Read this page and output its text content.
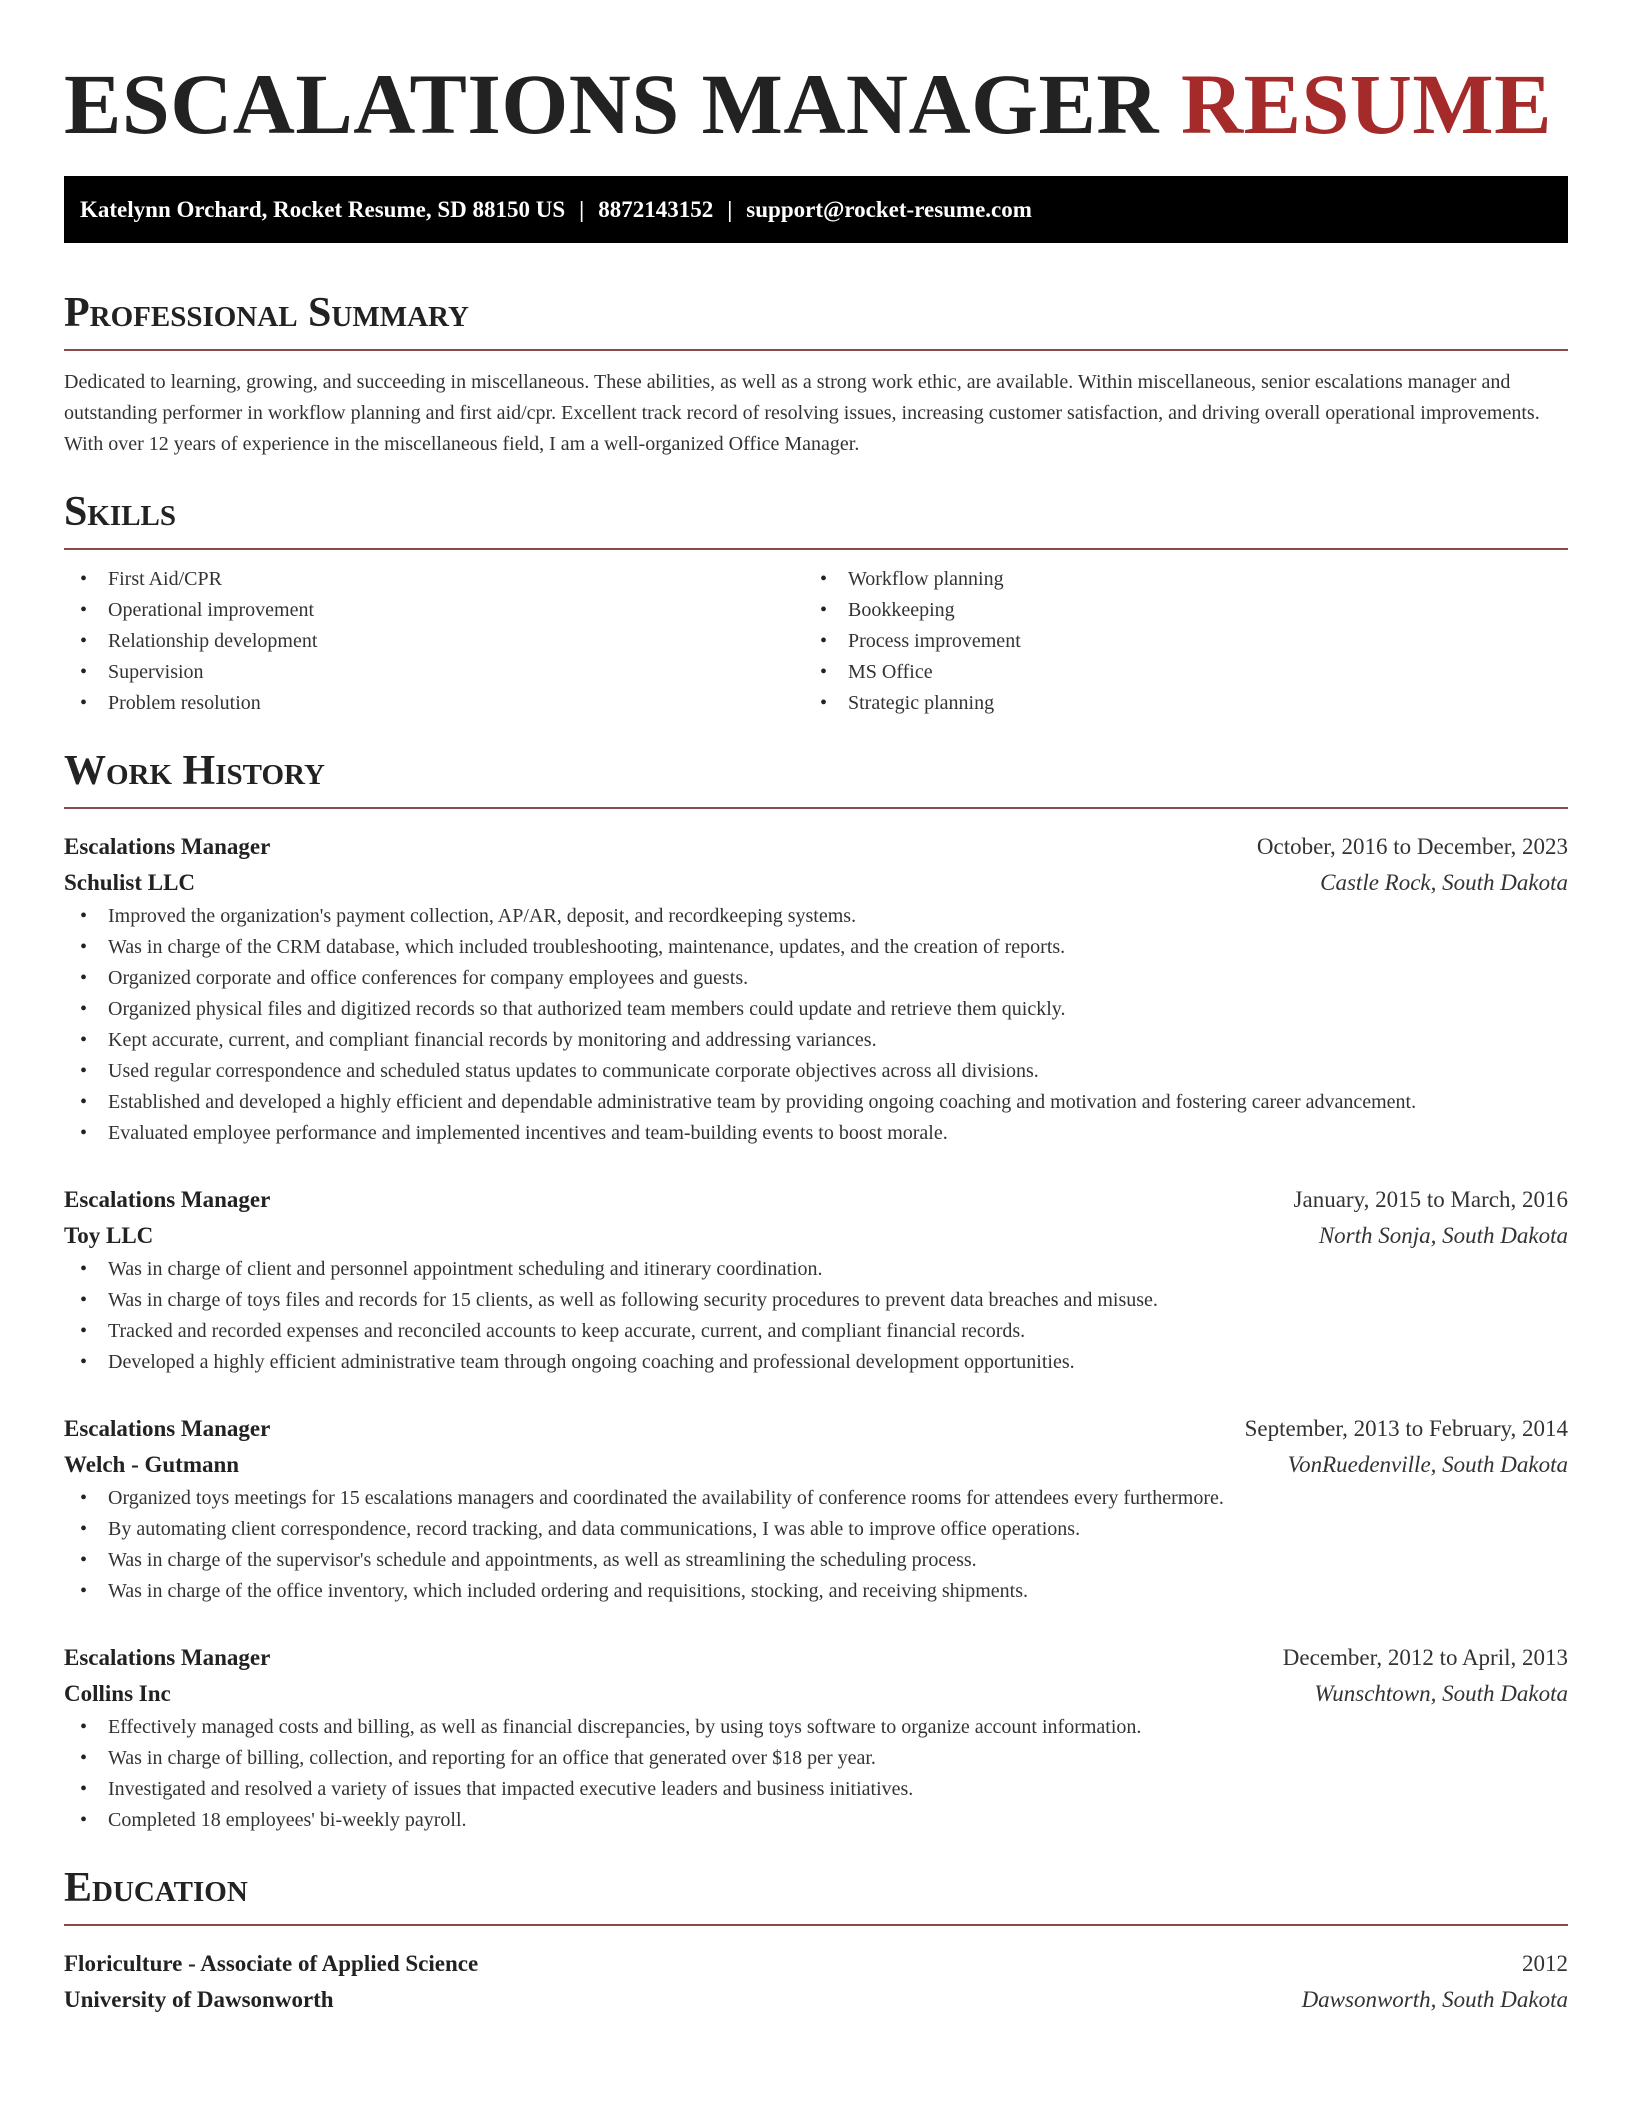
ESCALATIONS MANAGER RESUME
Katelynn Orchard, Rocket Resume, SD 88150 US | 8872143152 | support@rocket-resume.com
Professional Summary

Dedicated to learning, growing, and succeeding in miscellaneous. These abilities, as well as a strong work ethic, are available. Within miscellaneous, senior escalations manager and outstanding performer in workflow planning and first aid/cpr. Excellent track record of resolving issues, increasing customer satisfaction, and driving overall operational improvements. With over 12 years of experience in the miscellaneous field, I am a well-organized Office Manager.

Skills
• First Aid/CPR
• Operational improvement
• Relationship development
• Supervision
• Problem resolution
• Workflow planning
• Bookkeeping
• Process improvement
• MS Office
• Strategic planning
Work History
Escalations Manager	October, 2016 to December, 2023
Schulist LLC	Castle Rock, South Dakota
• Improved the organization's payment collection, AP/AR, deposit, and recordkeeping systems.
• Was in charge of the CRM database, which included troubleshooting, maintenance, updates, and the creation of reports.
• Organized corporate and office conferences for company employees and guests.
• Organized physical files and digitized records so that authorized team members could update and retrieve them quickly.
• Kept accurate, current, and compliant financial records by monitoring and addressing variances.
• Used regular correspondence and scheduled status updates to communicate corporate objectives across all divisions.
• Established and developed a highly efficient and dependable administrative team by providing ongoing coaching and motivation and fostering career advancement.
• Evaluated employee performance and implemented incentives and team-building events to boost morale.
Escalations Manager	January, 2015 to March, 2016
Toy LLC	North Sonja, South Dakota
• Was in charge of client and personnel appointment scheduling and itinerary coordination.
• Was in charge of toys files and records for 15 clients, as well as following security procedures to prevent data breaches and misuse.
• Tracked and recorded expenses and reconciled accounts to keep accurate, current, and compliant financial records.
• Developed a highly efficient administrative team through ongoing coaching and professional development opportunities.
Escalations Manager	September, 2013 to February, 2014
Welch - Gutmann	VonRuedenville, South Dakota
• Organized toys meetings for 15 escalations managers and coordinated the availability of conference rooms for attendees every furthermore.
• By automating client correspondence, record tracking, and data communications, I was able to improve office operations.
• Was in charge of the supervisor's schedule and appointments, as well as streamlining the scheduling process.
• Was in charge of the office inventory, which included ordering and requisitions, stocking, and receiving shipments.
Escalations Manager	December, 2012 to April, 2013
Collins Inc	Wunschtown, South Dakota
• Effectively managed costs and billing, as well as financial discrepancies, by using toys software to organize account information.
• Was in charge of billing, collection, and reporting for an office that generated over $18 per year.
• Investigated and resolved a variety of issues that impacted executive leaders and business initiatives.
• Completed 18 employees' bi-weekly payroll.
Education
Floriculture - Associate of Applied Science	2012
University of Dawsonworth	Dawsonworth, South Dakota
